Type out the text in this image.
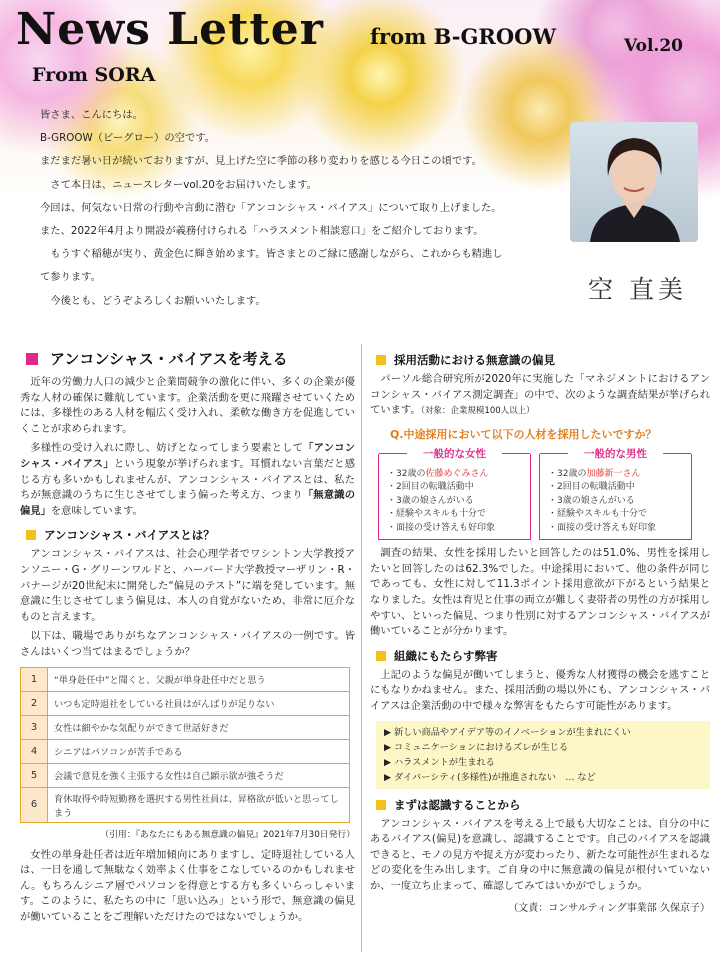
News Letter from B-GROOW	Vol.20
From SORA

皆さま、こんにちは。

B-GROOW（ビーグロー）の空です。

まだまだ暑い日が続いておりますが、見上げた空に季節の移り変わりを感じる今日この頃です。

　さて本日は、ニュースレターvol.20をお届けいたします。

今回は、何気ない日常の行動や言動に潜む「アンコンシャス・バイアス」について取り上げました。

また、2022年4月より開設が義務付けられる「ハラスメント相談窓口」をご紹介しております。

　もうすぐ稲穂が実り、黄金色に輝き始めます。皆さまとのご縁に感謝しながら、これからも精進し

て参ります。

　今後とも、どうぞよろしくお願いいたします。	空 直美
アンコンシャス・バイアスを考える

近年の労働力人口の減少と企業間競争の激化に伴い、多くの企業が優秀な人材の確保に難航しています。企業活動を更に飛躍させていくためには、多様性のある人材を幅広く受け入れ、柔軟な働き方を促進していくことが求められます。

多様性の受け入れに際し、妨げとなってしまう要素として「アンコンシャス・バイアス」という現象が挙げられます。耳慣れない言葉だと感じる方も多いかもしれませんが、アンコンシャス・バイアスとは、私たちが無意識のうちに生じさせてしまう偏った考え方、つまり「無意識の偏見」を意味しています。

アンコンシャス・バイアスとは？

アンコンシャス・バイアスは、社会心理学者でワシントン大学教授アンソニー・G・グリーンワルドと、ハーバード大学教授マーザリン・R・バナージが20世紀末に開発した“偏見のテスト”に端を発しています。無意識に生じさせてしまう偏見は、本人の自覚がないため、非常に厄介なものと言えます。

以下は、職場でありがちなアンコンシャス・バイアスの一例です。皆さんはいくつ当てはまるでしょうか？

1	“単身赴任中”と聞くと、父親が単身赴任中だと思う
2	いつも定時退社をしている社員はがんばりが足りない
3	女性は細やかな気配りができて世話好きだ
4	シニアはパソコンが苦手である
5	会議で意見を強く主張する女性は自己顕示欲が強そうだ
6	育休取得や時短勤務を選択する男性社員は、昇格欲が低いと思ってしまう
（引用：『あなたにもある無意識の偏見』2021年7月30日発行）

女性の単身赴任者は近年増加傾向にありますし、定時退社している人は、一日を通して無駄なく効率よく仕事をこなしているのかもしれません。もちろんシニア層でパソコンを得意とする方も多くいらっしゃいます。このように、私たちの中に「思い込み」という形で、無意識の偏見が働いていることをご理解いただけたのではないでしょうか。

採用活動における無意識の偏見

パーソル総合研究所が2020年に実施した「マネジメントにおけるアンコンシャス・バイアス測定調査」の中で、次のような調査結果が挙げられています。（対象：企業規模100人以上）

Q.中途採用において以下の人材を採用したいですか？
一般的な女性
・ 32歳の佐藤めぐみさん
・ 2回目の転職活動中
・ 3歳の娘さんがいる
・ 経験やスキルも十分で
・ 面接の受け答えも好印象
一般的な男性
・ 32歳の加藤新一さん
・ 2回目の転職活動中
・ 3歳の娘さんがいる
・ 経験やスキルも十分で
・ 面接の受け答えも好印象

調査の結果、女性を採用したいと回答したのは51.0%、男性を採用したいと回答したのは62.3%でした。中途採用において、他の条件が同じであっても、女性に対して11.3ポイント採用意欲が下がるという結果となりました。女性は育児と仕事の両立が難しく妻帯者の男性の方が採用しやすい、といった偏見、つまり性別に対するアンコンシャス・バイアスが働いていることが分かります。

組織にもたらす弊害

上記のような偏見が働いてしまうと、優秀な人材獲得の機会を逃すことにもなりかねません。また、採用活動の場以外にも、アンコンシャス・バイアスは企業活動の中で様々な弊害をもたらす可能性があります。

▶ 新しい商品やアイデア等のイノベーションが生まれにくい
▶ コミュニケーションにおけるズレが生じる
▶ ハラスメントが生まれる
▶ ダイバーシティ(多様性)が推進されない　… など
まずは認識することから

アンコンシャス・バイアスを考える上で最も大切なことは、自分の中にあるバイアス(偏見)を意識し、認識することです。自己のバイアスを認識できると、モノの見方や捉え方が変わったり、新たな可能性が生まれるなどの変化を生み出します。ご自身の中に無意識の偏見が根付いていないか、一度立ち止まって、確認してみてはいかがでしょうか。

（文責：コンサルティング事業部 久保京子）
